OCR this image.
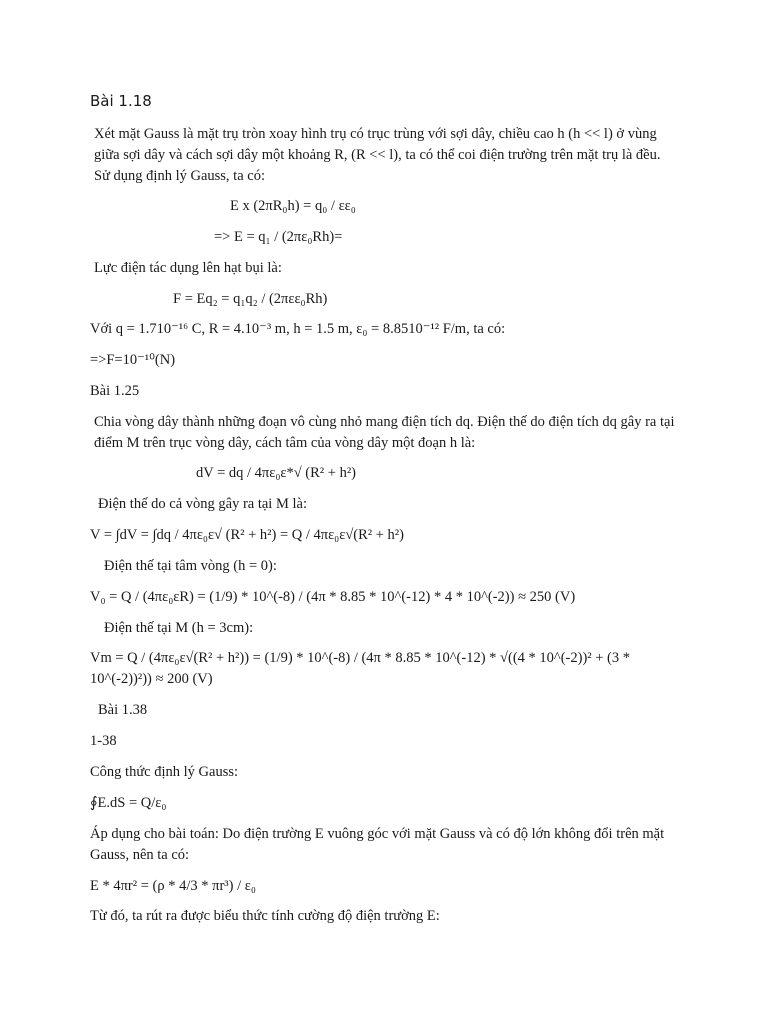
Bài 1.18

Xét mặt Gauss là mặt trụ tròn xoay hình trụ có trục trùng với sợi dây, chiều cao h (h << l) ở vùng giữa sợi dây và cách sợi dây một khoảng R, (R << l), ta có thể coi điện trường trên mặt trụ là đều. Sử dụng định lý Gauss, ta có:

E x (2πR₀h) = q₀ / εε₀
=> E = q₁ / (2πε₀Rh)=
Lực điện tác dụng lên hạt bụi là:
F = Eq₂ = q₁q₂ / (2πεε₀Rh)
Với q = 1.710⁻¹⁶ C, R = 4.10⁻³ m, h = 1.5 m, ε₀ = 8.8510⁻¹² F/m, ta có:
=>F=10⁻¹⁰(N)
Bài 1.25

Chia vòng dây thành những đoạn vô cùng nhỏ mang điện tích dq. Điện thế do điện tích dq gây ra tại điểm M trên trục vòng dây, cách tâm của vòng dây một đoạn h là:

dV = dq / 4πε₀ε*√ (R² + h²)
Điện thế do cả vòng gây ra tại M là:
V = ∫dV = ∫dq / 4πε₀ε√ (R² + h²) = Q / 4πε₀ε√(R² + h²)
Điện thế tại tâm vòng (h = 0):
V₀ = Q / (4πε₀εR) = (1/9) * 10^(-8) / (4π * 8.85 * 10^(-12) * 4 * 10^(-2)) ≈ 250 (V)
Điện thế tại M (h = 3cm):

Vm = Q / (4πε₀ε√(R² + h²)) = (1/9) * 10^(-8) / (4π * 8.85 * 10^(-12) * √((4 * 10^(-2))² + (3 * 10^(-2))²)) ≈ 200 (V)

Bài 1.38
1-38
Công thức định lý Gauss:
∮E.dS = Q/ε₀

Áp dụng cho bài toán: Do điện trường E vuông góc với mặt Gauss và có độ lớn không đổi trên mặt Gauss, nên ta có:

E * 4πr² = (ρ * 4/3 * πr³) / ε₀
Từ đó, ta rút ra được biểu thức tính cường độ điện trường E:
